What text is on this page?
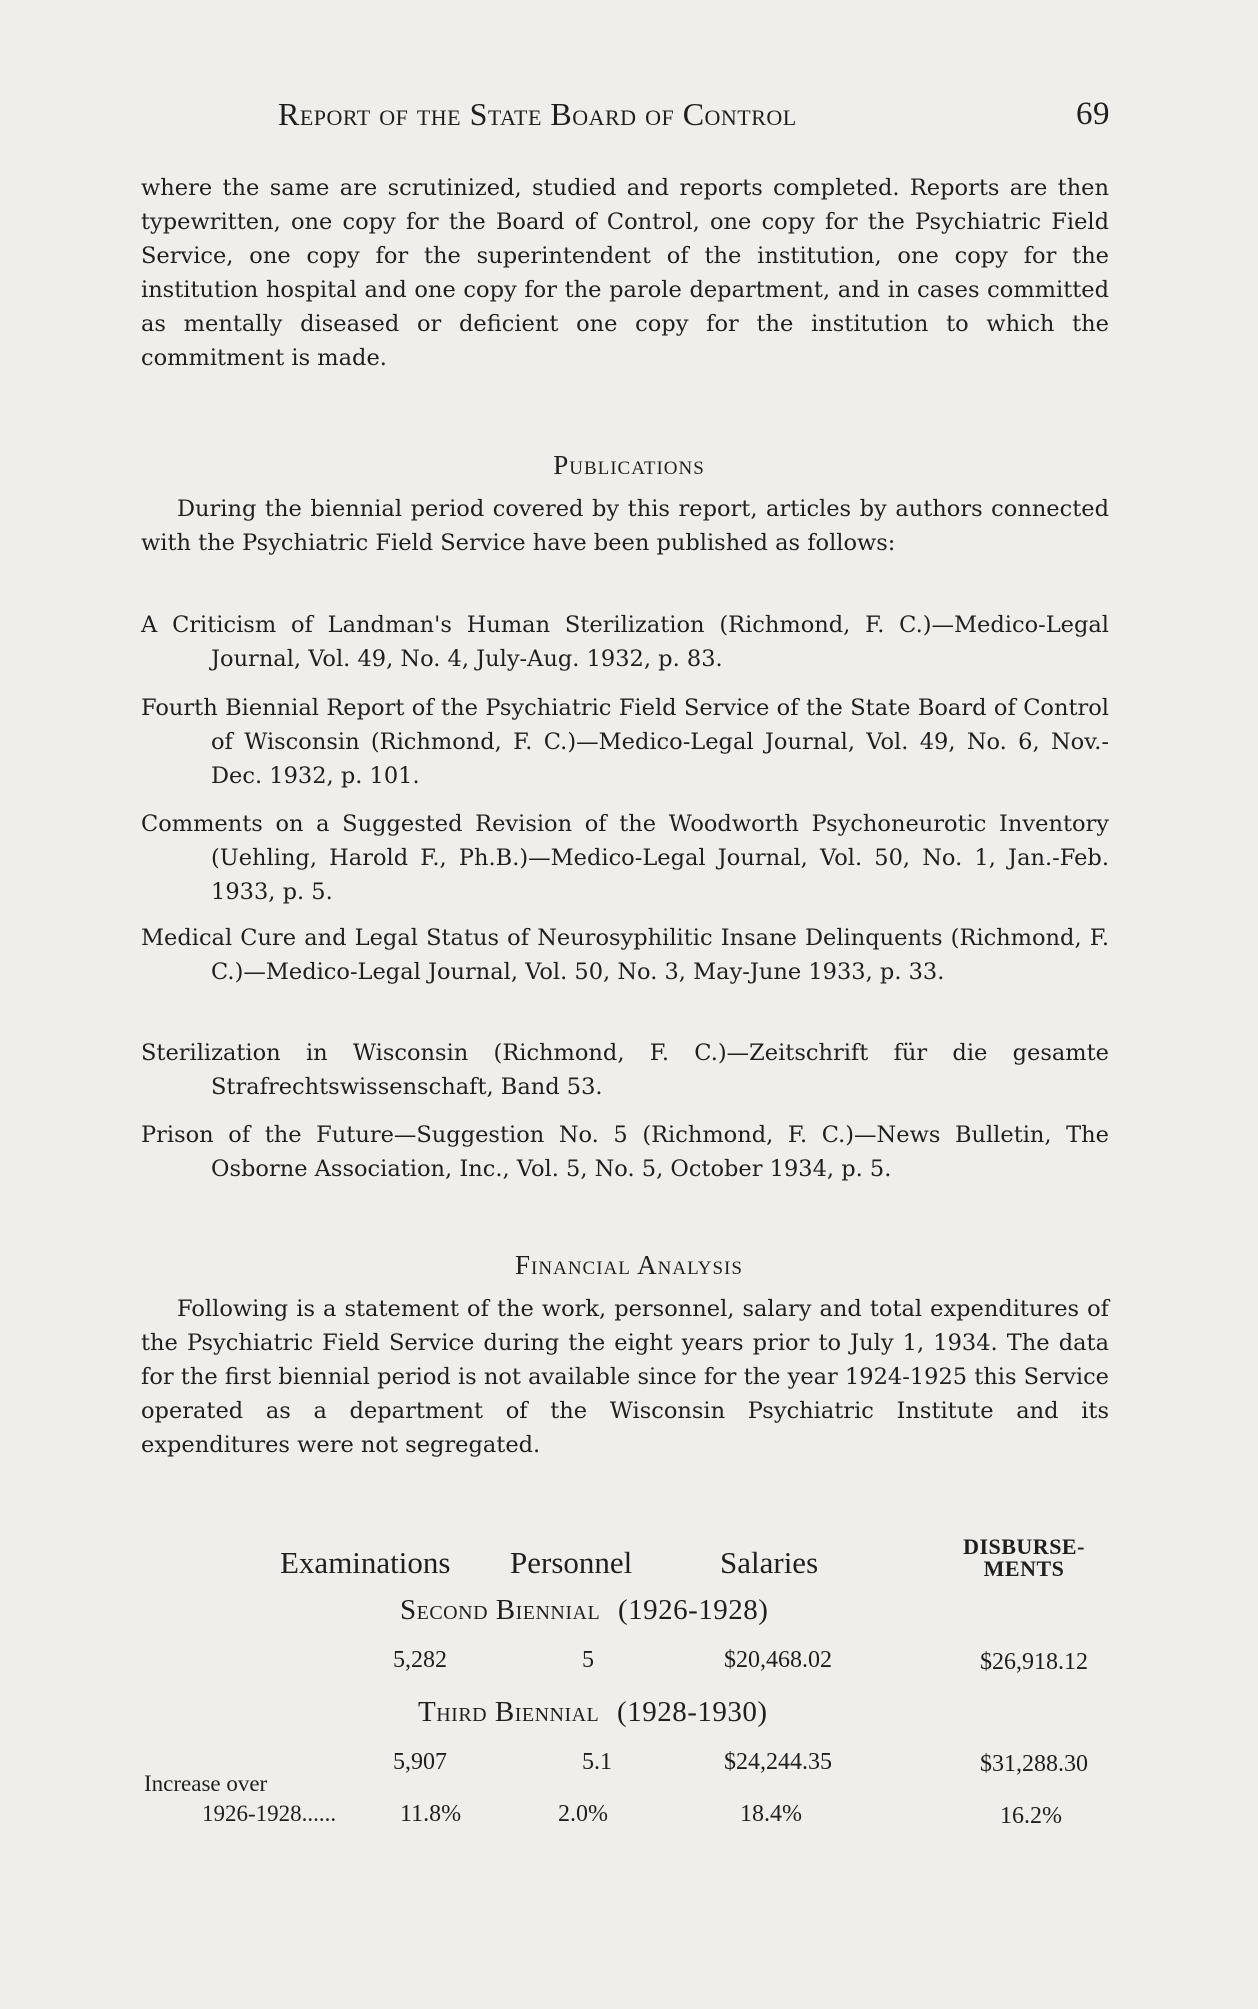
Report of the State Board of Control	69

where the same are scrutinized, studied and reports completed. Reports are then typewritten, one copy for the Board of Control, one copy for the Psychiatric Field Service, one copy for the superintendent of the institution, one copy for the institution hospital and one copy for the parole department, and in cases committed as mentally diseased or deficient one copy for the institution to which the commitment is made.

Publications

During the biennial period covered by this report, articles by authors connected with the Psychiatric Field Service have been published as follows:

A Criticism of Landman's Human Sterilization (Richmond, F. C.)—Medico-Legal Journal, Vol. 49, No. 4, July-Aug. 1932, p. 83.
Fourth Biennial Report of the Psychiatric Field Service of the State Board of Control of Wisconsin (Richmond, F. C.)—Medico-Legal Journal, Vol. 49, No. 6, Nov.-Dec. 1932, p. 101.
Comments on a Suggested Revision of the Woodworth Psychoneurotic Inventory (Uehling, Harold F., Ph.B.)—Medico-Legal Journal, Vol. 50, No. 1, Jan.-Feb. 1933, p. 5.
Medical Cure and Legal Status of Neurosyphilitic Insane Delinquents (Richmond, F. C.)—Medico-Legal Journal, Vol. 50, No. 3, May-June 1933, p. 33.
Sterilization in Wisconsin (Richmond, F. C.)—Zeitschrift für die gesamte Strafrechtswissenschaft, Band 53.
Prison of the Future—Suggestion No. 5 (Richmond, F. C.)—News Bulletin, The Osborne Association, Inc., Vol. 5, No. 5, October 1934, p. 5.
Financial Analysis

Following is a statement of the work, personnel, salary and total expenditures of the Psychiatric Field Service during the eight years prior to July 1, 1934. The data for the first biennial period is not available since for the year 1924-1925 this Service operated as a department of the Wisconsin Psychiatric Institute and its expenditures were not segregated.

Examinations Personnel	Salaries	DISBURSE-
MENTS
Second Biennial (1926-1928)
5,282	5	$20,468.02	$26,918.12
Third Biennial (1928-1930)
5,907	5.1	$24,244.35	$31,288.30
Increase over
1926-1928......	11.8%	2.0%	18.4%	16.2%
